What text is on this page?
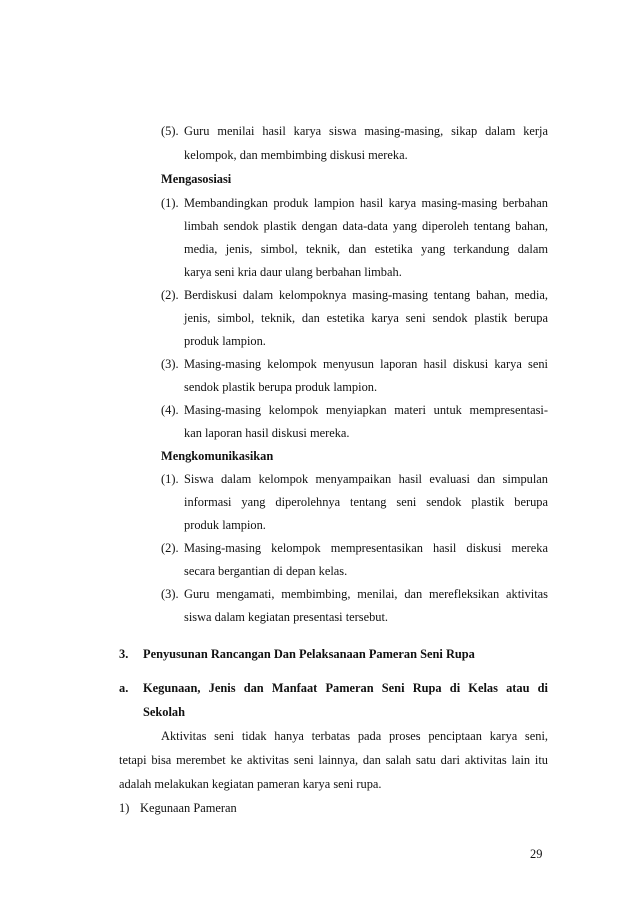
(5). Guru menilai hasil karya siswa masing-masing, sikap dalam kerja
kelompok, dan membimbing diskusi mereka.
Mengasosiasi
(1). Membandingkan produk lampion hasil karya masing-masing berbahan
limbah sendok plastik dengan data-data yang diperoleh tentang bahan,
media, jenis, simbol, teknik, dan estetika yang terkandung dalam
karya seni kria daur ulang berbahan limbah.
(2). Berdiskusi dalam kelompoknya masing-masing tentang bahan, media,
jenis, simbol, teknik, dan estetika karya seni sendok plastik berupa
produk lampion.
(3). Masing-masing kelompok menyusun laporan hasil diskusi karya seni
sendok plastik berupa produk lampion.
(4). Masing-masing kelompok menyiapkan materi untuk mempresentasi-
kan laporan hasil diskusi mereka.
Mengkomunikasikan
(1). Siswa dalam kelompok menyampaikan hasil evaluasi dan simpulan
informasi yang diperolehnya tentang seni sendok plastik berupa
produk lampion.
(2). Masing-masing kelompok mempresentasikan hasil diskusi mereka
secara bergantian di depan kelas.
(3). Guru mengamati, membimbing, menilai, dan merefleksikan aktivitas
siswa dalam kegiatan presentasi tersebut.
3. Penyusunan Rancangan Dan Pelaksanaan Pameran Seni Rupa
a. Kegunaan, Jenis dan Manfaat Pameran Seni Rupa di Kelas atau di
Sekolah
Aktivitas seni tidak hanya terbatas pada proses penciptaan karya seni,
tetapi bisa merembet ke aktivitas seni lainnya, dan salah satu dari aktivitas lain itu
adalah melakukan kegiatan pameran karya seni rupa.
1) Kegunaan Pameran
29
